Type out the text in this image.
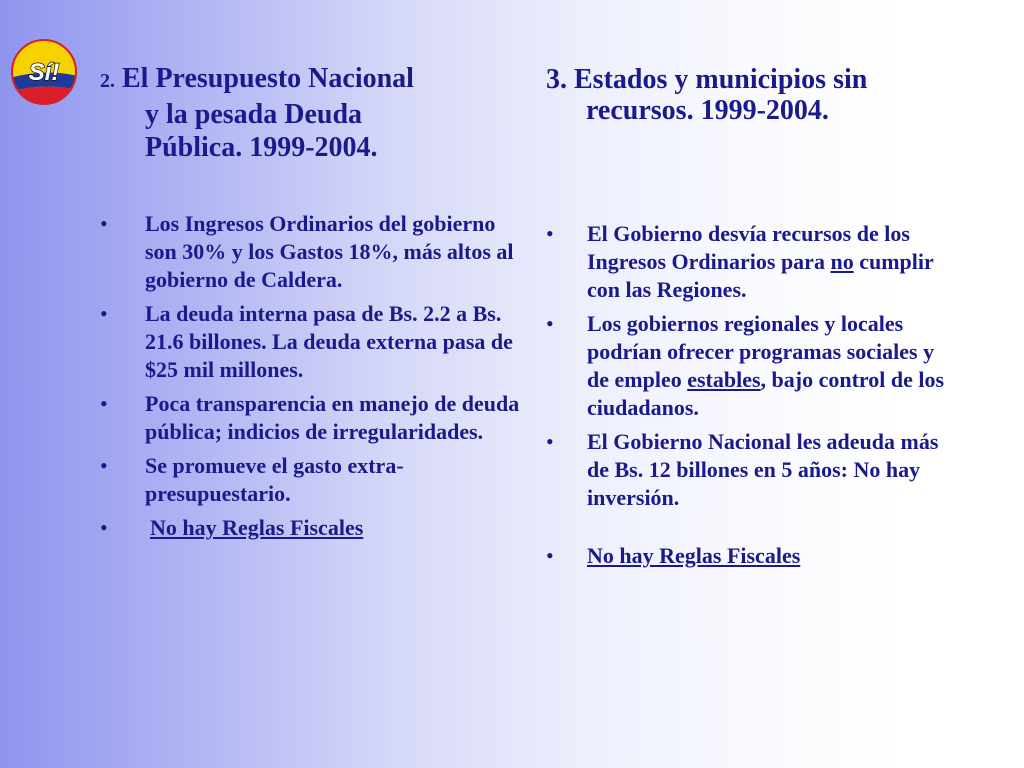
Sí! 2. El Presupuesto Nacional
y la pesada Deuda
Pública. 1999-2004.
• Los Ingresos Ordinarios del gobierno son 30% y los Gastos 18%, más altos al gobierno de Caldera.
• La deuda interna pasa de Bs. 2.2 a Bs. 21.6 billones. La deuda externa pasa de $25 mil millones.
• Poca transparencia en manejo de deuda pública; indicios de irregularidades.
• Se promueve el gasto extra-presupuestario.
• No hay Reglas Fiscales
3. Estados y municipios sin
recursos. 1999-2004.
• El Gobierno desvía recursos de los Ingresos Ordinarios para no cumplir con las Regiones.
• Los gobiernos regionales y locales podrían ofrecer programas sociales y de empleo estables, bajo control de los ciudadanos.
• El Gobierno Nacional les adeuda más de Bs. 12 billones en 5 años: No hay inversión.
• No hay Reglas Fiscales
